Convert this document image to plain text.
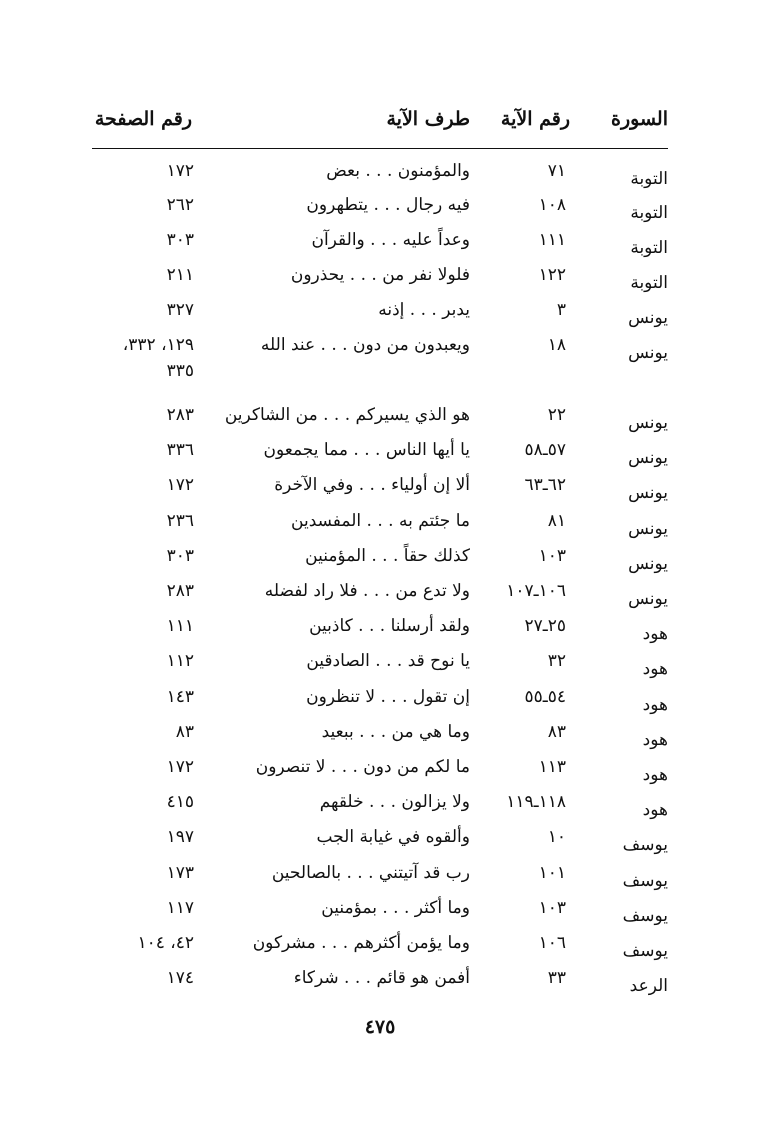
السورة
رقم الآية
طرف الآية
رقم الصفحة
التوبة
٧١
والمؤمنون . . . بعض
١٧٢
التوبة
١٠٨
فيه رجال . . . يتطهرون
٢٦٢
التوبة
١١١
وعداً عليه . . . والقرآن
٣٠٣
التوبة
١٢٢
فلولا نفر من . . . يحذرون
٢١١
يونس
٣
يدبر . . . إذنه
٣٢٧
يونس
١٨
ويعبدون من دون . . . عند الله
١٢٩، ٣٣٢،
٣٣٥
يونس
٢٢
هو الذي يسيركم . . . من الشاكرين
٢٨٣
يونس
٥٧ـ٥٨
يا أيها الناس . . . مما يجمعون
٣٣٦
يونس
٦٢ـ٦٣
ألا إن أولياء . . . وفي الآخرة
١٧٢
يونس
٨١
ما جئتم به . . . المفسدين
٢٣٦
يونس
١٠٣
كذلك حقاً . . . المؤمنين
٣٠٣
يونس
١٠٦ـ١٠٧
ولا تدع من . . . فلا راد لفضله
٢٨٣
هود
٢٥ـ٢٧
ولقد أرسلنا . . . كاذبين
١١١
هود
٣٢
يا نوح قد . . . الصادقين
١١٢
هود
٥٤ـ٥٥
إن تقول . . . لا تنظرون
١٤٣
هود
٨٣
وما هي من . . . ببعيد
٨٣
هود
١١٣
ما لكم من دون . . . لا تنصرون
١٧٢
هود
١١٨ـ١١٩
ولا يزالون . . . خلقهم
٤١٥
يوسف
١٠
وألقوه في غيابة الجب
١٩٧
يوسف
١٠١
رب قد آتيتني . . . بالصالحين
١٧٣
يوسف
١٠٣
وما أكثر . . . بمؤمنين
١١٧
يوسف
١٠٦
وما يؤمن أكثرهم . . . مشركون
٤٢، ١٠٤
الرعد
٣٣
أفمن هو قائم . . . شركاء
١٧٤
٤٧٥
